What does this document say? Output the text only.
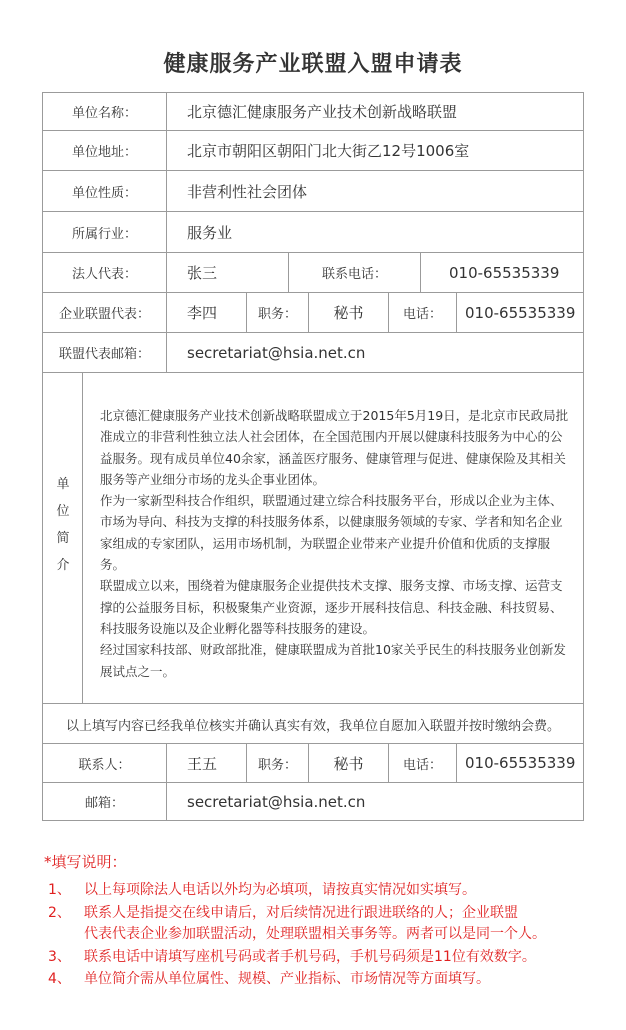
健康服务产业联盟入盟申请表
单位名称：	北京德汇健康服务产业技术创新战略联盟
单位地址：	北京市朝阳区朝阳门北大街乙12号1006室
单位性质：	非营利性社会团体
所属行业：	服务业
法人代表：	张三	联系电话：	010-65535339
企业联盟代表：	李四	职务：	秘书	电话：	010-65535339
联盟代表邮箱：	secretariat@hsia.net.cn
单
位
简
介

北京德汇健康服务产业技术创新战略联盟成立于2015年5月19日，是北京市民政局批准成立的非营利性独立法人社会团体，在全国范围内开展以健康科技服务为中心的公益服务。现有成员单位40余家，涵盖医疗服务、健康管理与促进、健康保险及其相关服务等产业细分市场的龙头企事业团体。

作为一家新型科技合作组织，联盟通过建立综合科技服务平台，形成以企业为主体、市场为导向、科技为支撑的科技服务体系，以健康服务领域的专家、学者和知名企业家组成的专家团队，运用市场机制，为联盟企业带来产业提升价值和优质的支撑服务。

联盟成立以来，围绕着为健康服务企业提供技术支撑、服务支撑、市场支撑、运营支撑的公益服务目标，积极聚集产业资源，逐步开展科技信息、科技金融、科技贸易、科技服务设施以及企业孵化器等科技服务的建设。

经过国家科技部、财政部批准，健康联盟成为首批10家关乎民生的科技服务业创新发展试点之一。

以上填写内容已经我单位核实并确认真实有效，我单位自愿加入联盟并按时缴纳会费。
联系人：	王五	职务：	秘书	电话：	010-65535339
邮箱：	secretariat@hsia.net.cn
*填写说明：
1、 以上每项除法人电话以外均为必填项，请按真实情况如实填写。
2、 联系人是指提交在线申请后，对后续情况进行跟进联络的人；企业联盟
代表代表企业参加联盟活动，处理联盟相关事务等。两者可以是同一个人。
3、 联系电话中请填写座机号码或者手机号码，手机号码须是11位有效数字。
4、 单位简介需从单位属性、规模、产业指标、市场情况等方面填写。
